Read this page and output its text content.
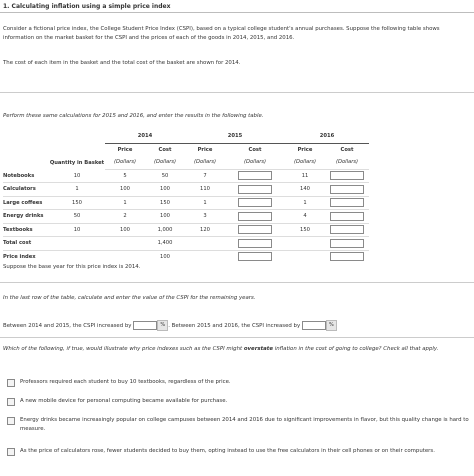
1. Calculating inflation using a simple price index
Consider a fictional price index, the College Student Price Index (CSPI), based on a typical college student's annual purchases. Suppose the following table shows information on the market basket for the CSPI and the prices of each of the goods in 2014, 2015, and 2016.
The cost of each item in the basket and the total cost of the basket are shown for 2014.
Perform these same calculations for 2015 and 2016, and enter the results in the following table.
		2014		2015		2016	
		Price	Cost	Price	Cost	Price	Cost
	Quantity in Basket	(Dollars)	(Dollars)	(Dollars)	(Dollars)	(Dollars)	(Dollars)
Notebooks	10	5	50	7		11	
Calculators	1	100	100	110		140	
Large coffees	150	1	150	1		1	
Energy drinks	50	2	100	3		4	
Textbooks	10	100	1,000	120		150	
Total cost			1,400				
Price index			100				
Suppose the base year for this price index is 2014.
In the last row of the table, calculate and enter the value of the CSPI for the remaining years.
Between 2014 and 2015, the CSPI increased by	% . Between 2015 and 2016, the CSPI increased by	%
Which of the following, if true, would illustrate why price indexes such as the CSPI might overstate inflation in the cost of going to college? Check all that apply.
Professors required each student to buy 10 textbooks, regardless of the price.
A new mobile device for personal computing became available for purchase.
Energy drinks became increasingly popular on college campuses between 2014 and 2016 due to significant improvements in flavor, but this quality change is hard to measure.
As the price of calculators rose, fewer students decided to buy them, opting instead to use the free calculators in their cell phones or on their computers.
